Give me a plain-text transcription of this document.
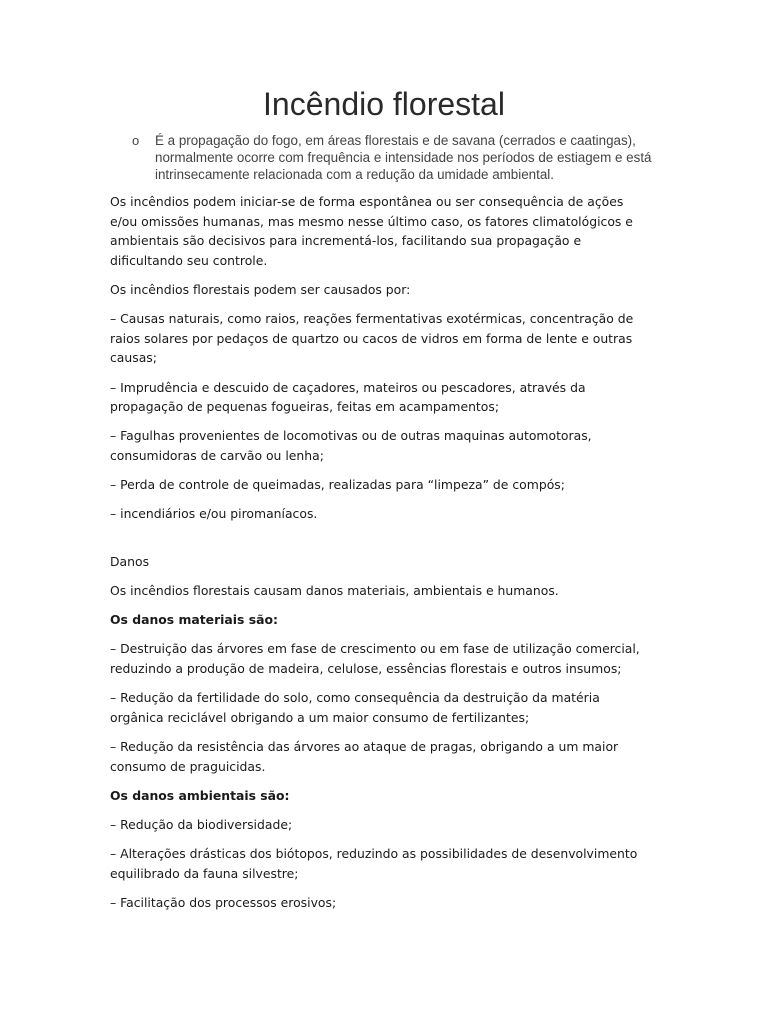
Incêndio florestal
o	É a propagação do fogo, em áreas florestais e de savana (cerrados e caatingas), normalmente ocorre com frequência e intensidade nos períodos de estiagem e está intrinsecamente relacionada com a redução da umidade ambiental.

Os incêndios podem iniciar-se de forma espontânea ou ser consequência de ações e/ou omissões humanas, mas mesmo nesse último caso, os fatores climatológicos e ambientais são decisivos para incrementá-los, facilitando sua propagação e dificultando seu controle.

Os incêndios florestais podem ser causados por:

– Causas naturais, como raios, reações fermentativas exotérmicas, concentração de raios solares por pedaços de quartzo ou cacos de vidros em forma de lente e outras causas;

– Imprudência e descuido de caçadores, mateiros ou pescadores, através da propagação de pequenas fogueiras, feitas em acampamentos;

– Fagulhas provenientes de locomotivas ou de outras maquinas automotoras, consumidoras de carvão ou lenha;

– Perda de controle de queimadas, realizadas para “limpeza” de compós;

– incendiários e/ou piromaníacos.

Danos

Os incêndios florestais causam danos materiais, ambientais e humanos.

Os danos materiais são:

– Destruição das árvores em fase de crescimento ou em fase de utilização comercial, reduzindo a produção de madeira, celulose, essências florestais e outros insumos;

– Redução da fertilidade do solo, como consequência da destruição da matéria orgânica reciclável obrigando a um maior consumo de fertilizantes;

– Redução da resistência das árvores ao ataque de pragas, obrigando a um maior consumo de praguicidas.

Os danos ambientais são:

– Redução da biodiversidade;

– Alterações drásticas dos biótopos, reduzindo as possibilidades de desenvolvimento equilibrado da fauna silvestre;

– Facilitação dos processos erosivos;
